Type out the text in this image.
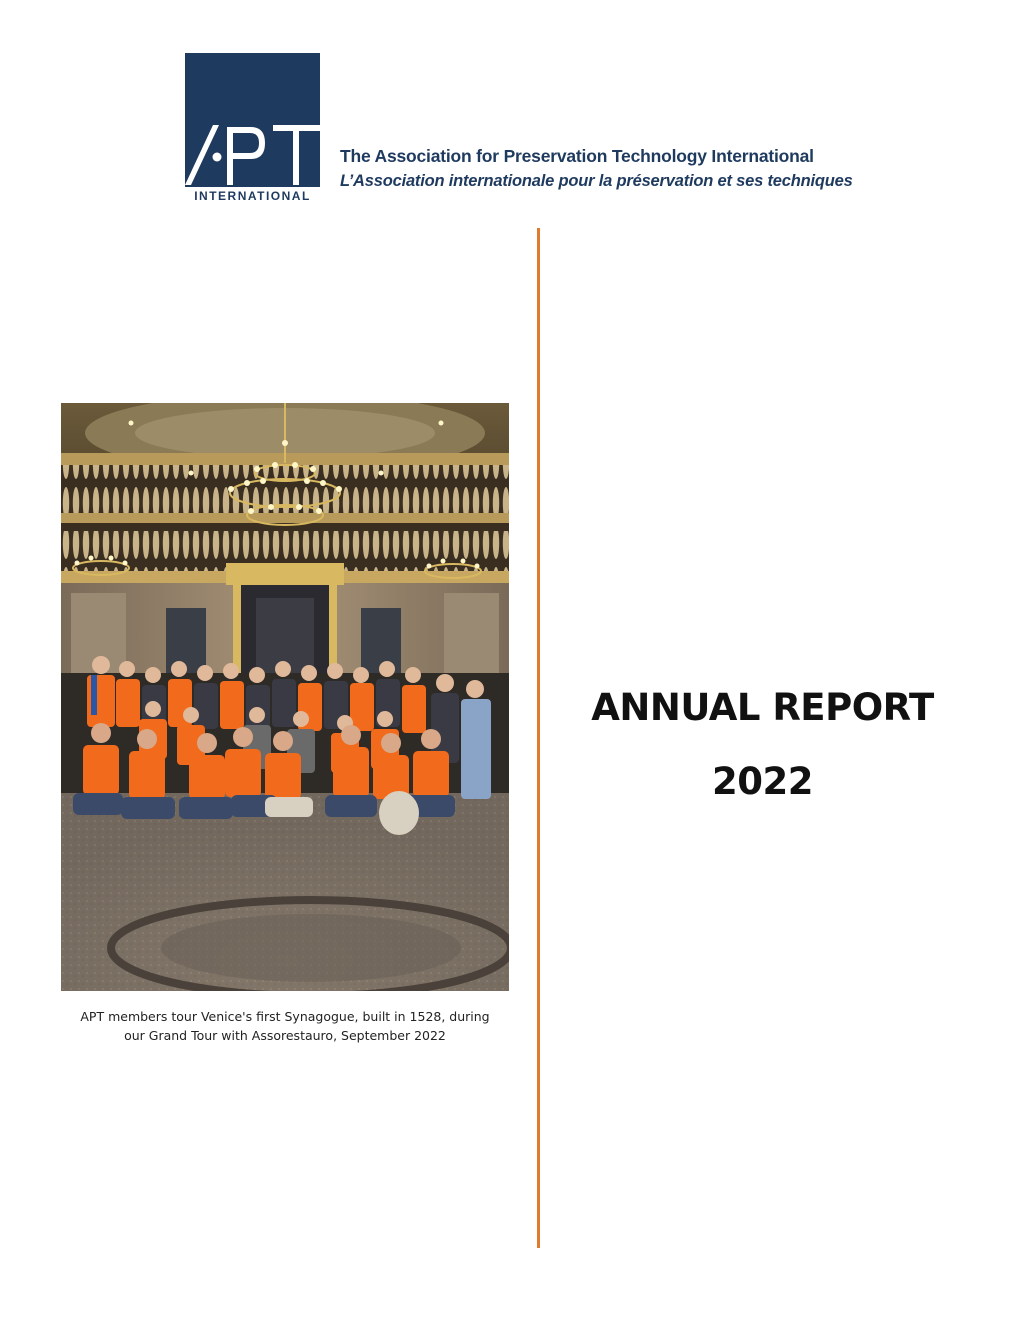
INTERNATIONAL
The Association for Preservation Technology International
L’Association internationale pour la préservation et ses techniques
APT members tour Venice's first Synagogue, built in 1528, during
our Grand Tour with Assorestauro, September 2022
ANNUAL REPORT
2022
